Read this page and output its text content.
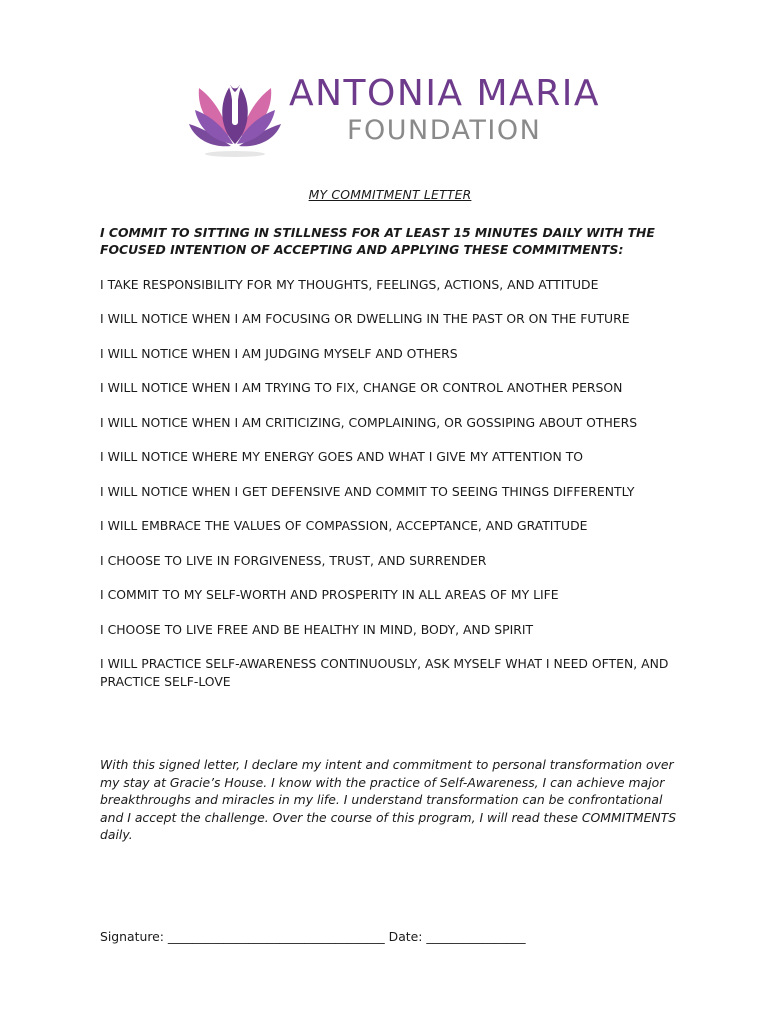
ANTONIA MARIA
FOUNDATION
MY COMMITMENT LETTER
I COMMIT TO SITTING IN STILLNESS FOR AT LEAST 15 MINUTES DAILY WITH THE FOCUSED INTENTION OF ACCEPTING AND APPLYING THESE COMMITMENTS:
I TAKE RESPONSIBILITY FOR MY THOUGHTS, FEELINGS, ACTIONS, AND ATTITUDE
I WILL NOTICE WHEN I AM FOCUSING OR DWELLING IN THE PAST OR ON THE FUTURE
I WILL NOTICE WHEN I AM JUDGING MYSELF AND OTHERS
I WILL NOTICE WHEN I AM TRYING TO FIX, CHANGE OR CONTROL ANOTHER PERSON
I WILL NOTICE WHEN I AM CRITICIZING, COMPLAINING, OR GOSSIPING ABOUT OTHERS
I WILL NOTICE WHERE MY ENERGY GOES AND WHAT I GIVE MY ATTENTION TO
I WILL NOTICE WHEN I GET DEFENSIVE AND COMMIT TO SEEING THINGS DIFFERENTLY
I WILL EMBRACE THE VALUES OF COMPASSION, ACCEPTANCE, AND GRATITUDE
I CHOOSE TO LIVE IN FORGIVENESS, TRUST, AND SURRENDER
I COMMIT TO MY SELF-WORTH AND PROSPERITY IN ALL AREAS OF MY LIFE
I CHOOSE TO LIVE FREE AND BE HEALTHY IN MIND, BODY, AND SPIRIT
I WILL PRACTICE SELF-AWARENESS CONTINUOUSLY, ASK MYSELF WHAT I NEED OFTEN, AND PRACTICE SELF-LOVE
With this signed letter, I declare my intent and commitment to personal transformation over my stay at Gracie’s House. I know with the practice of Self-Awareness, I can achieve major breakthroughs and miracles in my life. I understand transformation can be confrontational and I accept the challenge. Over the course of this program, I will read these COMMITMENTS daily.
Signature: ___________________________________ Date: ________________
